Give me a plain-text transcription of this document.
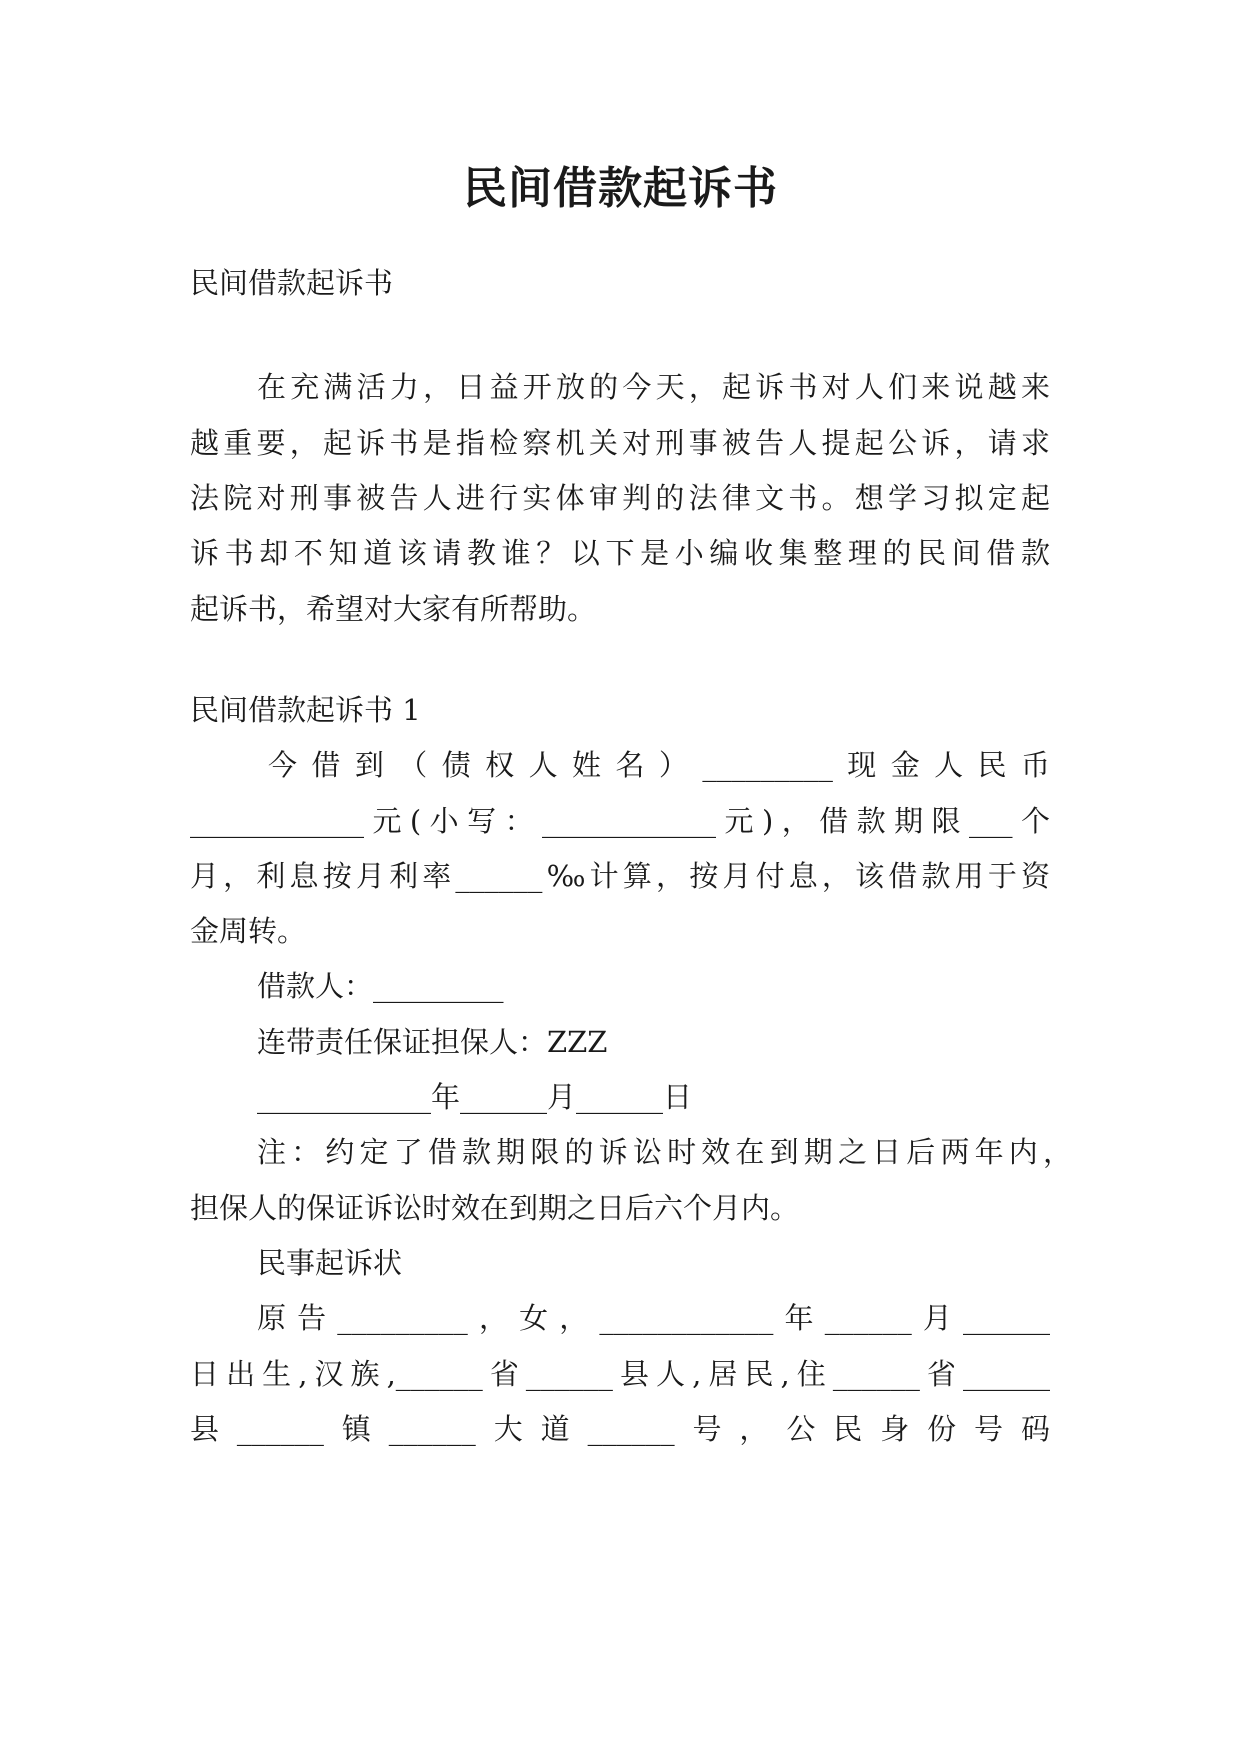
民间借款起诉书
民间借款起诉书
在充满活力，日益开放的今天，起诉书对人们来说越来
越重要，起诉书是指检察机关对刑事被告人提起公诉，请求
法院对刑事被告人进行实体审判的法律文书。想学习拟定起
诉书却不知道该请教谁？以下是小编收集整理的民间借款
起诉书，希望对大家有所帮助。
民间借款起诉书 1
今借到（债权人姓名）_________现金人民币
____________元(小写：____________元)，借款期限___个
月，利息按月利率______‰计算，按月付息，该借款用于资
金周转。
借款人：_________
连带责任保证担保人：ZZZ
____________年______月______日
注：约定了借款期限的诉讼时效在到期之日后两年内，
担保人的保证诉讼时效在到期之日后六个月内。
民事起诉状
原告_________，女，____________年______月______
日出生,汉族,______省______县人,居民,住______省______
县______镇______大道______号，公民身份号码
